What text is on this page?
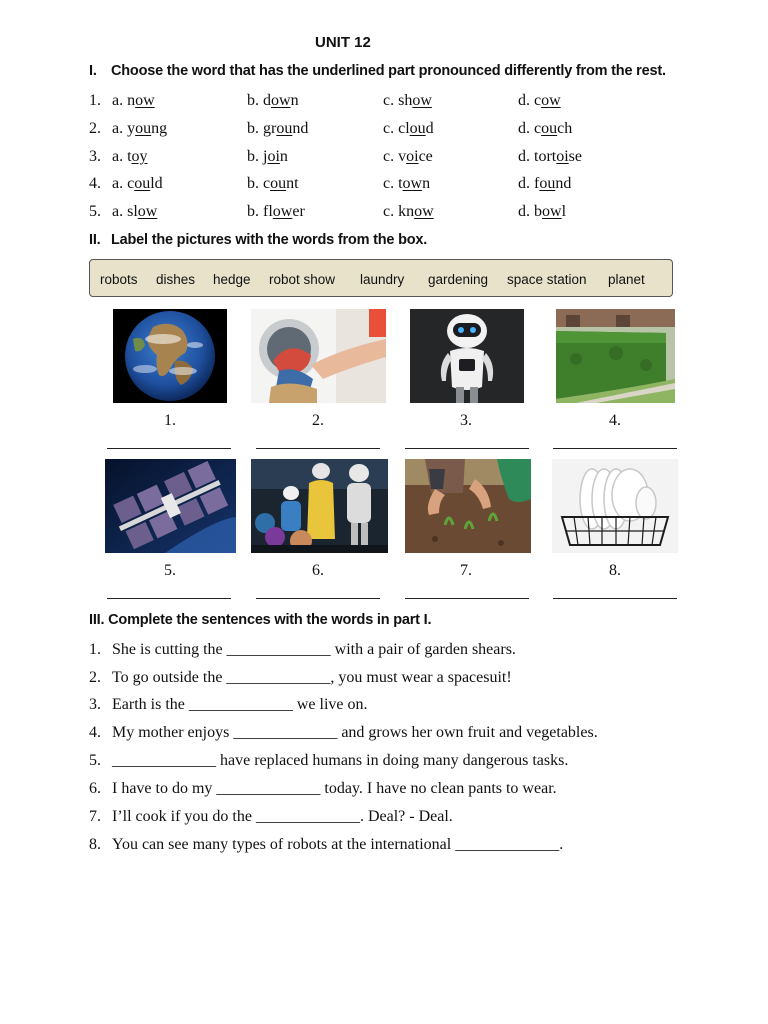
UNIT 12
I. Choose the word that has the underlined part pronounced differently from the rest.
1. a. now	b. down	c. show	d. cow
2. a. young	b. ground	c. cloud	d. couch
3. a. toy	b. join	c. voice	d. tortoise
4. a. could	b. count	c. town	d. found
5. a. slow	b. flower	c. know	d. bowl
II. Label the pictures with the words from the box.
robots dishes hedge robot show laundry gardening space station planet
1.	2.	3.	4.
5.	6.	7.	8.
III. Complete the sentences with the words in part I.
1. She is cutting the _____________ with a pair of garden shears.
2. To go outside the _____________, you must wear a spacesuit!
3. Earth is the _____________ we live on.
4. My mother enjoys _____________ and grows her own fruit and vegetables.
5. _____________ have replaced humans in doing many dangerous tasks.
6. I have to do my _____________ today. I have no clean pants to wear.
7. I’ll cook if you do the _____________. Deal? - Deal.
8. You can see many types of robots at the international _____________.
